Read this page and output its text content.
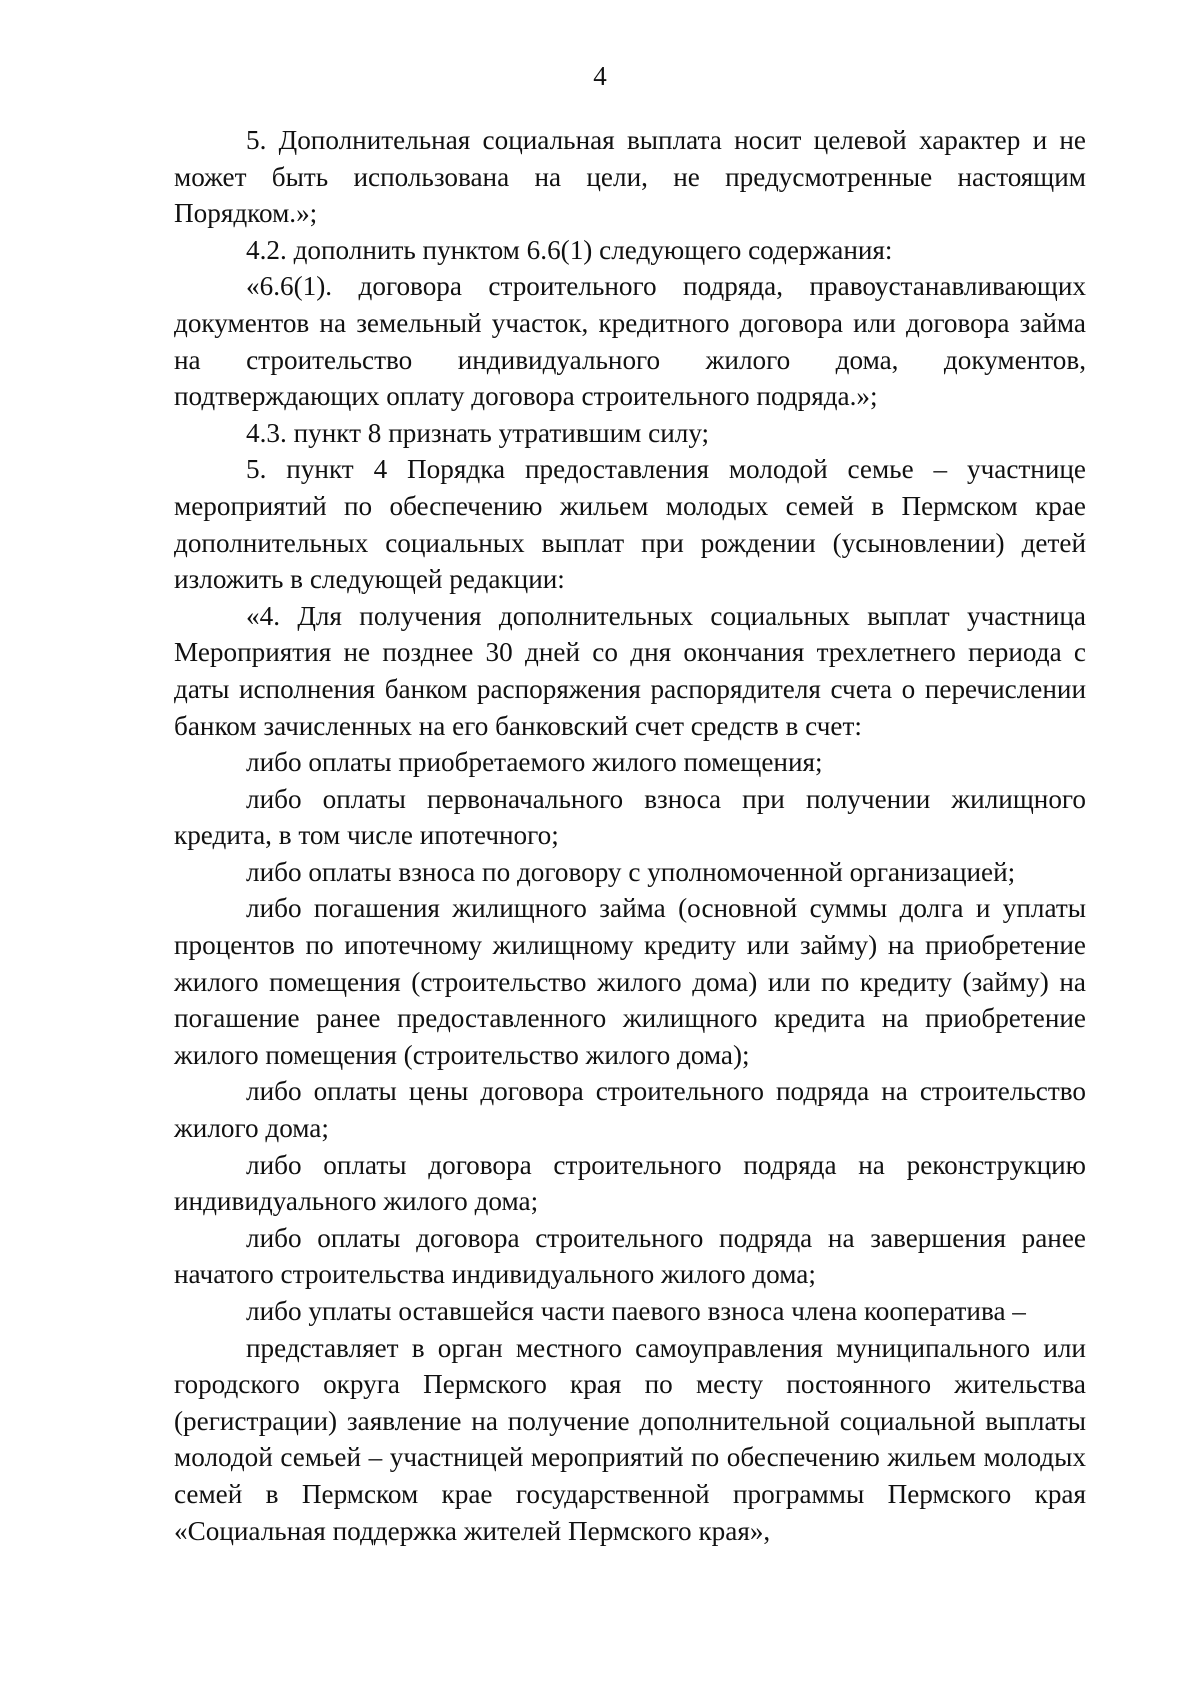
4

5. Дополнительная социальная выплата носит целевой характер и не может быть использована на цели, не предусмотренные настоящим Порядком.»;

4.2. дополнить пунктом 6.6(1) следующего содержания:

«6.6(1). договора строительного подряда, правоустанавливающих документов на земельный участок, кредитного договора или договора займа на строительство индивидуального жилого дома, документов, подтверждающих оплату договора строительного подряда.»;

4.3. пункт 8 признать утратившим силу;

5. пункт 4 Порядка предоставления молодой семье – участнице мероприятий по обеспечению жильем молодых семей в Пермском крае дополнительных социальных выплат при рождении (усыновлении) детей изложить в следующей редакции:

«4. Для получения дополнительных социальных выплат участница Мероприятия не позднее 30 дней со дня окончания трехлетнего периода с даты исполнения банком распоряжения распорядителя счета о перечислении банком зачисленных на его банковский счет средств в счет:

либо оплаты приобретаемого жилого помещения;

либо оплаты первоначального взноса при получении жилищного кредита, в том числе ипотечного;

либо оплаты взноса по договору с уполномоченной организацией;

либо погашения жилищного займа (основной суммы долга и уплаты процентов по ипотечному жилищному кредиту или займу) на приобретение жилого помещения (строительство жилого дома) или по кредиту (займу) на погашение ранее предоставленного жилищного кредита на приобретение жилого помещения (строительство жилого дома);

либо оплаты цены договора строительного подряда на строительство жилого дома;

либо оплаты договора строительного подряда на реконструкцию индивидуального жилого дома;

либо оплаты договора строительного подряда на завершения ранее начатого строительства индивидуального жилого дома;

либо уплаты оставшейся части паевого взноса члена кооператива –

представляет в орган местного самоуправления муниципального или городского округа Пермского края по месту постоянного жительства (регистрации) заявление на получение дополнительной социальной выплаты молодой семьей – участницей мероприятий по обеспечению жильем молодых семей в Пермском крае государственной программы Пермского края «Социальная поддержка жителей Пермского края»,
